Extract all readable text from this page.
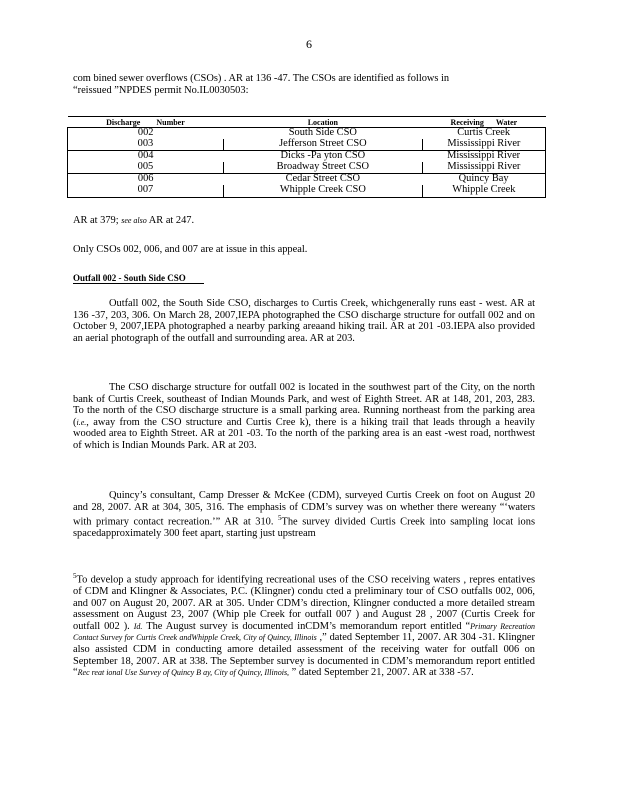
6
com bined sewer overflows (CSOs) . AR at 136 -47. The CSOs are identified as follows in
“reissued ”NPDES permit No.IL0030503:
Discharge Number	Location	Receiving Water
002	South Side CSO	Curtis Creek
003	Jefferson Street CSO	Mississippi River
004	Dicks -Pa yton CSO	Mississippi River
005	Broadway Street CSO	Mississippi River
006	Cedar Street CSO	Quincy Bay
007	Whipple Creek CSO	Whipple Creek
AR at 379; see also AR at 247.
Only CSOs 002, 006, and 007 are at issue in this appeal.
Outfall 002 - South Side CSO

Outfall 002, the South Side CSO, discharges to Curtis Creek, whichgenerally runs east - west. AR at 136 -37, 203, 306. On March 28, 2007,IEPA photographed the CSO discharge structure for outfall 002 and on October 9, 2007,IEPA photographed a nearby parking areaand hiking trail. AR at 201 -03.IEPA also provided an aerial photograph of the outfall and surrounding area. AR at 203.

The CSO discharge structure for outfall 002 is located in the southwest part of the City, on the north bank of Curtis Creek, southeast of Indian Mounds Park, and west of Eighth Street. AR at 148, 201, 203, 283. To the north of the CSO discharge structure is a small parking area. Running northeast from the parking area (i.e., away from the CSO structure and Curtis Cree k), there is a hiking trail that leads through a heavily wooded area to Eighth Street. AR at 201 -03. To the north of the parking area is an east -west road, northwest of which is Indian Mounds Park. AR at 203.

Quincy’s consultant, Camp Dresser & McKee (CDM), surveyed Curtis Creek on foot on August 20 and 28, 2007. AR at 304, 305, 316. The emphasis of CDM’s survey was on whether there wereany “‘waters with primary contact recreation.’” AR at 310. $^5$The survey divided Curtis Creek into sampling locat ions spacedapproximately 300 feet apart, starting just upstream

$^5$To develop a study approach for identifying recreational uses of the CSO receiving waters , repres entatives of CDM and Klingner & Associates, P.C. (Klingner) condu cted a preliminary tour of CSO outfalls 002, 006, and 007 on August 20, 2007. AR at 305. Under CDM’s direction, Klingner conducted a more detailed stream assessment on August 23, 2007 (Whip ple Creek for outfall 007 ) and August 28 , 2007 (Curtis Creek for outfall 002 ). Id. The August survey is documented inCDM’s memorandum report entitled “Primary Recreation Contact Survey for Curtis Creek andWhipple Creek, City of Quincy, Illinois ,” dated September 11, 2007. AR 304 -31. Klingner also assisted CDM in conducting amore detailed assessment of the receiving water for outfall 006 on September 18, 2007. AR at 338. The September survey is documented in CDM’s memorandum report entitled “Rec reat ional Use Survey of Quincy B ay, City of Quincy, Illinois, ” dated September 21, 2007. AR at 338 -57.
